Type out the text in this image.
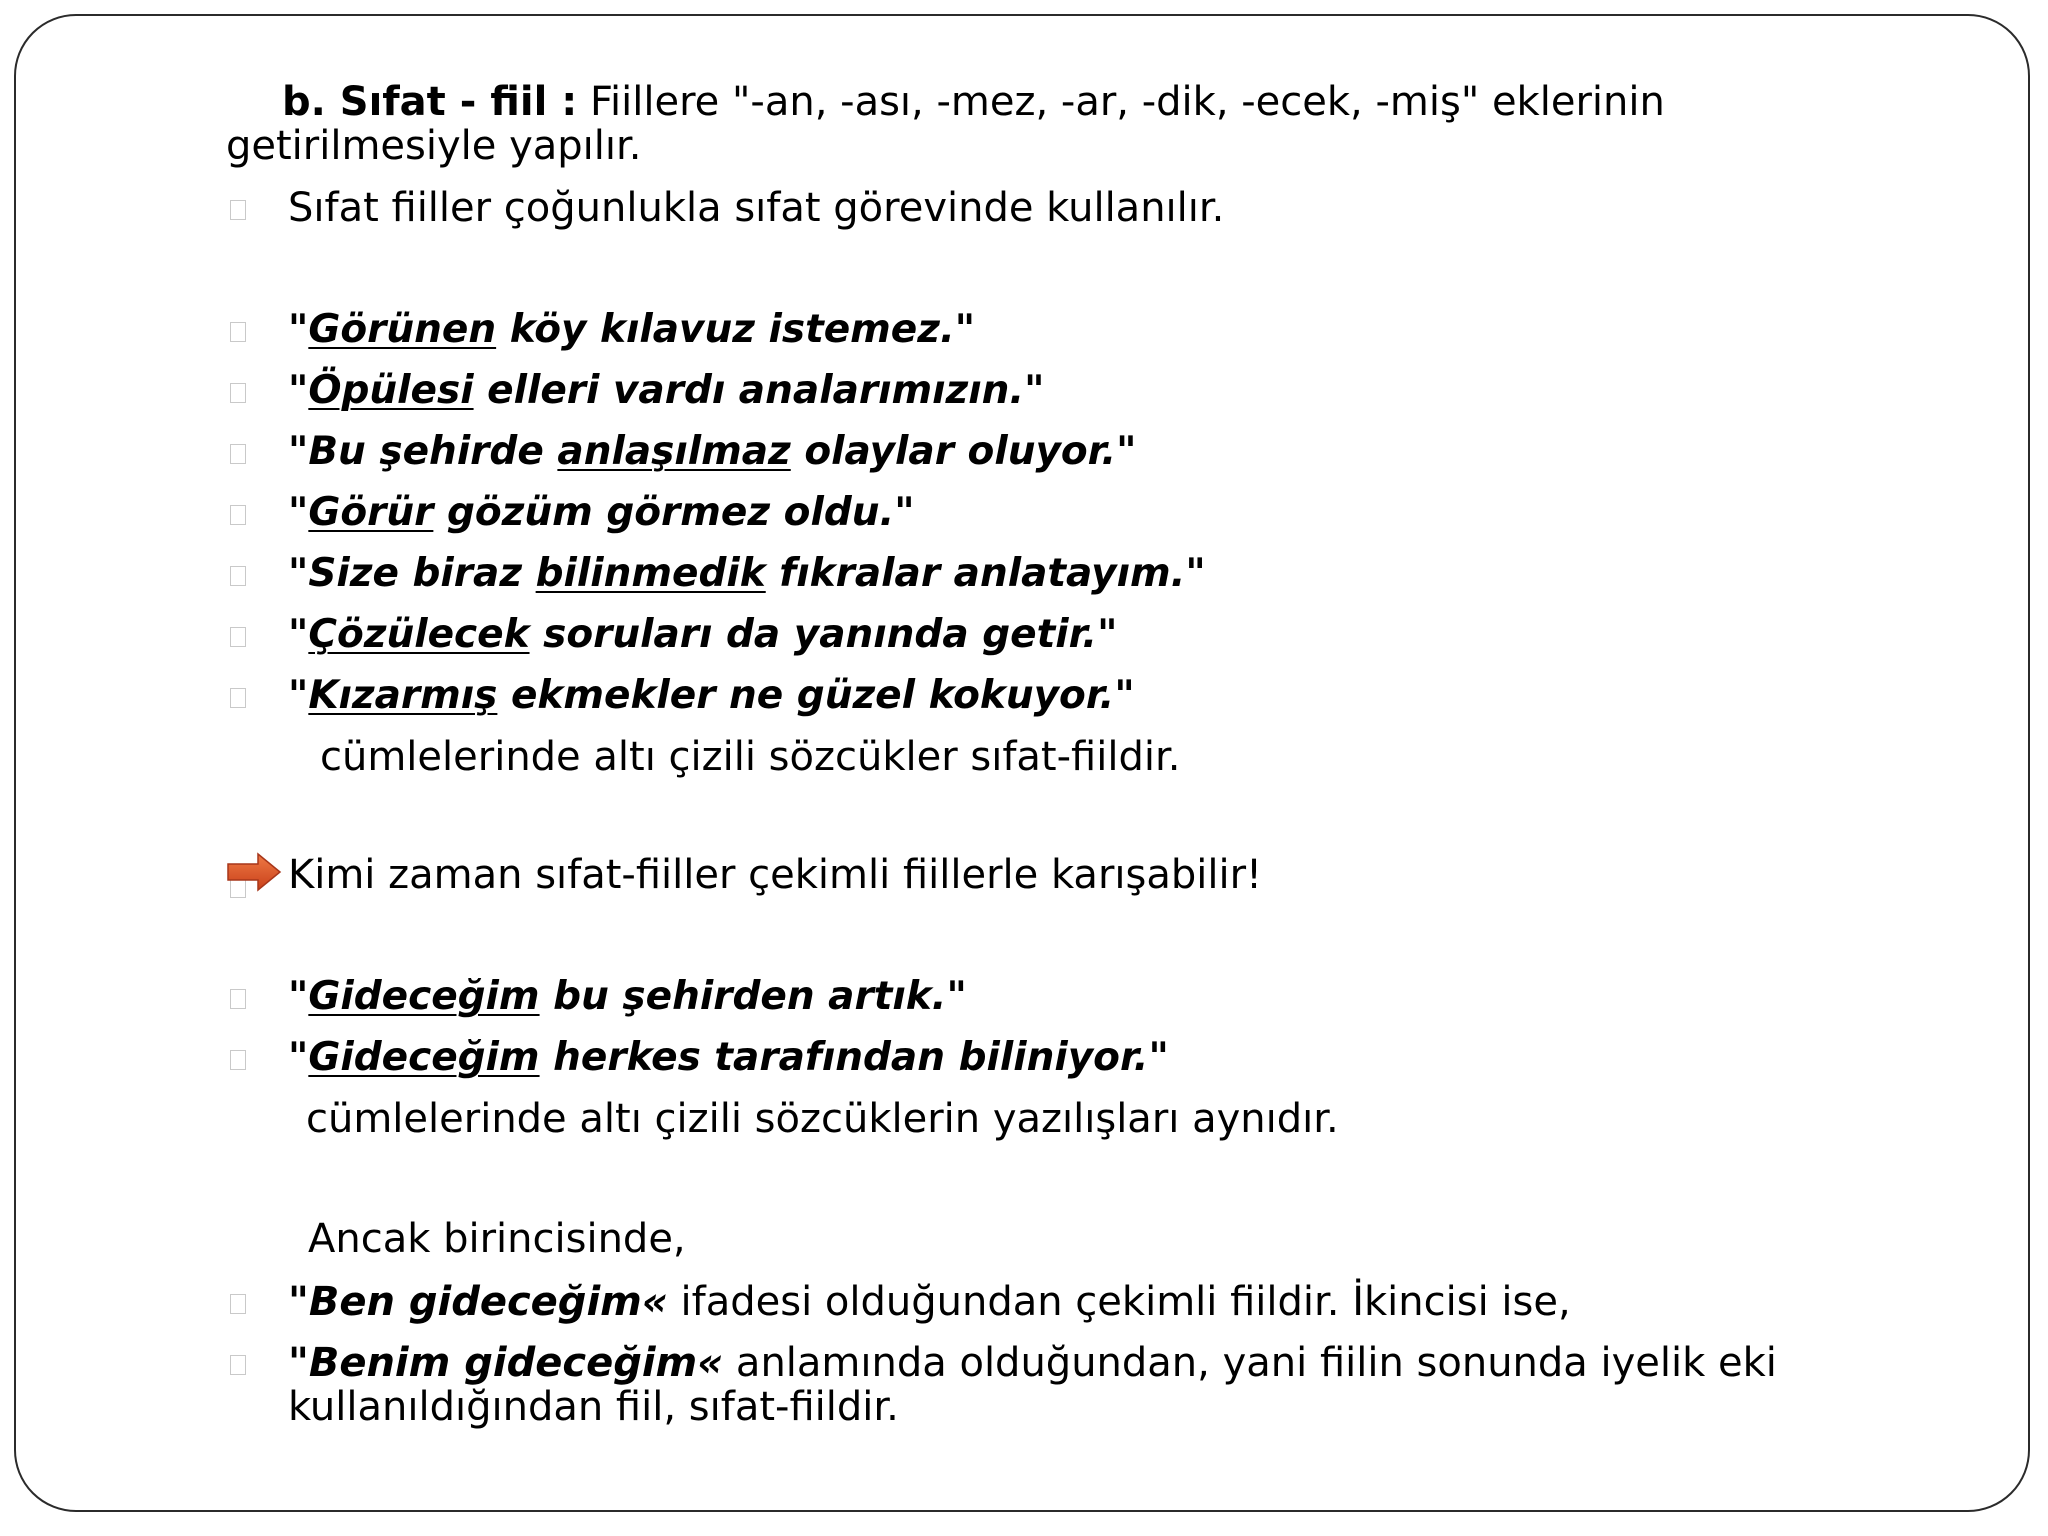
b. Sıfat - fiil : Fiillere "-an, -ası, -mez, -ar, -dik, -ecek, -miş" eklerinin
getirilmesiyle yapılır.
Sıfat fiiller çoğunlukla sıfat görevinde kullanılır.
"Görünen köy kılavuz istemez."
"Öpülesi elleri vardı analarımızın."
"Bu şehirde anlaşılmaz olaylar oluyor."
"Görür gözüm görmez oldu."
"Size biraz bilinmedik fıkralar anlatayım."
"Çözülecek soruları da yanında getir."
"Kızarmış ekmekler ne güzel kokuyor."
cümlelerinde altı çizili sözcükler sıfat-fiildir.
Kimi zaman sıfat-fiiller çekimli fiillerle karışabilir!
"Gideceğim bu şehirden artık."
"Gideceğim herkes tarafından biliniyor."
cümlelerinde altı çizili sözcüklerin yazılışları aynıdır.
Ancak birincisinde,
"Ben gideceğim« ifadesi olduğundan çekimli fiildir. İkincisi ise,
"Benim gideceğim« anlamında olduğundan, yani fiilin sonunda iyelik eki
kullanıldığından fiil, sıfat-fiildir.
